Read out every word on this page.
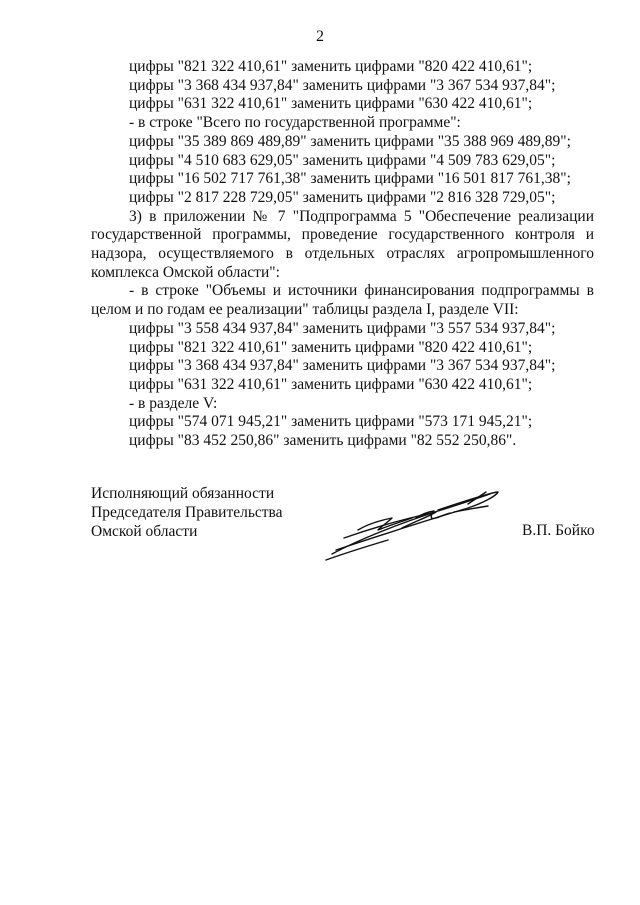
2
цифры "821 322 410,61" заменить цифрами "820 422 410,61";
цифры "3 368 434 937,84" заменить цифрами "3 367 534 937,84";
цифры "631 322 410,61" заменить цифрами "630 422 410,61";
- в строке "Всего по государственной программе":
цифры "35 389 869 489,89" заменить цифрами "35 388 969 489,89";
цифры "4 510 683 629,05" заменить цифрами "4 509 783 629,05";
цифры "16 502 717 761,38" заменить цифрами "16 501 817 761,38";
цифры "2 817 228 729,05" заменить цифрами "2 816 328 729,05";
3) в приложении № 7 "Подпрограмма 5 "Обеспечение реализации государственной программы, проведение государственного контроля и надзора, осуществляемого в отдельных отраслях агропромышленного комплекса Омской области":
- в строке "Объемы и источники финансирования подпрограммы в целом и по годам ее реализации" таблицы раздела I, разделе VII:
цифры "3 558 434 937,84" заменить цифрами "3 557 534 937,84";
цифры "821 322 410,61" заменить цифрами "820 422 410,61";
цифры "3 368 434 937,84" заменить цифрами "3 367 534 937,84";
цифры "631 322 410,61" заменить цифрами "630 422 410,61";
- в разделе V:
цифры "574 071 945,21" заменить цифрами "573 171 945,21";
цифры "83 452 250,86" заменить цифрами "82 552 250,86".
Исполняющий обязанности
Председателя Правительства
Омской области	В.П. Бойко
